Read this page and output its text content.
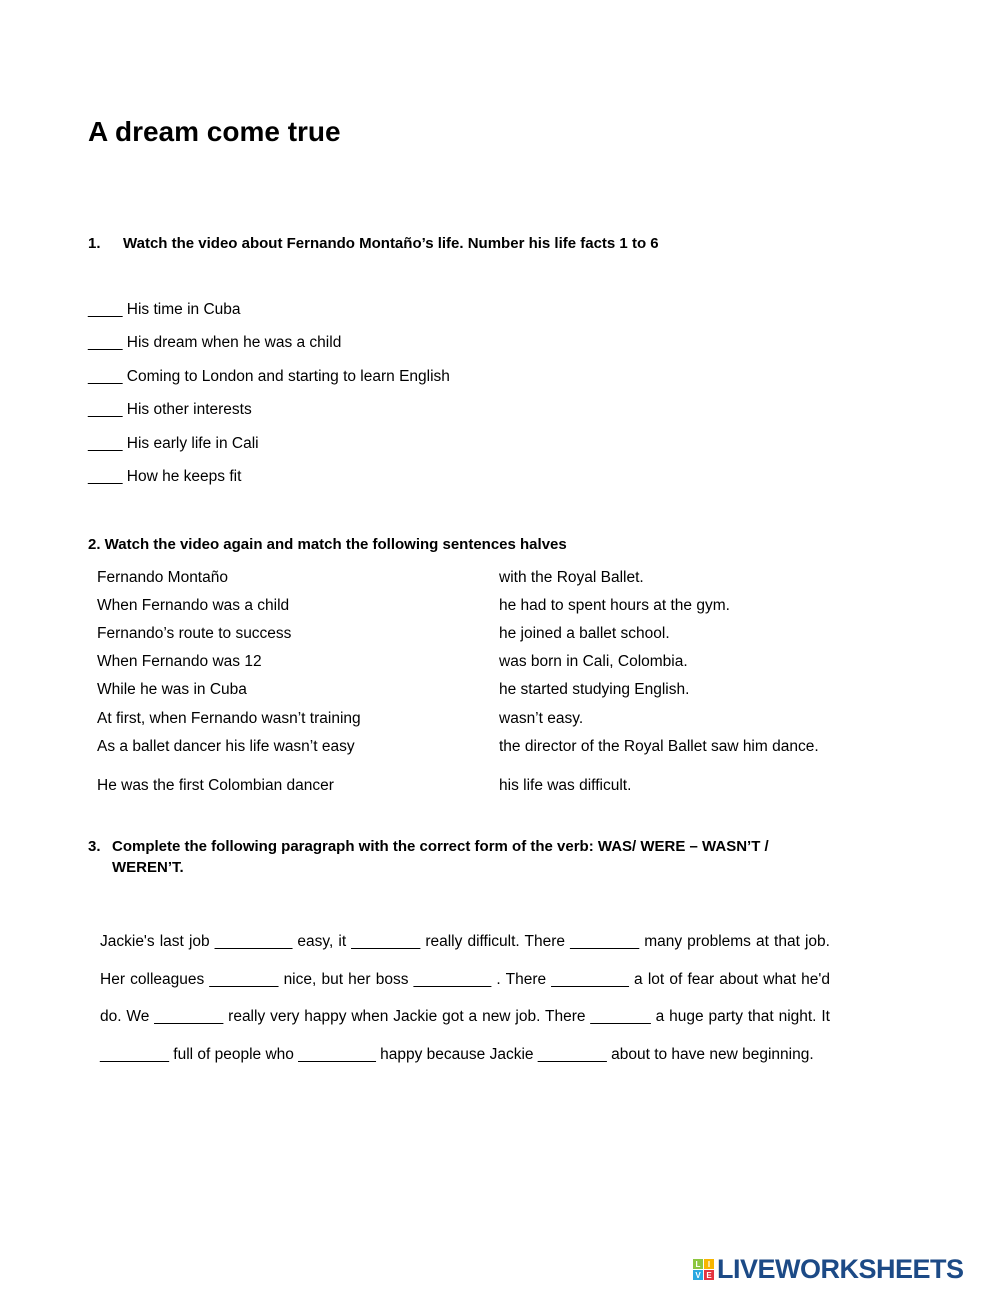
A dream come true
1. Watch the video about Fernando Montaño’s life. Number his life facts 1 to 6
____ His time in Cuba
____ His dream when he was a child
____ Coming to London and starting to learn English
____ His other interests
____ His early life in Cali
____ How he keeps fit
2. Watch the video again and match the following sentences halves
Fernando Montaño	with the Royal Ballet.
When Fernando was a child	he had to spent hours at the gym.
Fernando’s route to success	he joined a ballet school.
When Fernando was 12	was born in Cali, Colombia.
While he was in Cuba	he started studying English.
At first, when Fernando wasn’t training	wasn’t easy.
As a ballet dancer his life wasn’t easy	the director of the Royal Ballet saw him dance.
He was the first Colombian dancer	his life was difficult.
3. Complete the following paragraph with the correct form of the verb: WAS/ WERE – WASN’T /
WEREN’T.
Jackie's last job _________ easy, it ________ really difficult. There ________ many problems at that job. Her colleagues ________ nice, but her boss _________ . There _________ a lot of fear about what he'd do. We ________ really very happy when Jackie got a new job. There _______ a huge party that night. It ________ full of people who _________ happy because Jackie ________ about to have new beginning.
L I
V E LIVEWORKSHEETS
